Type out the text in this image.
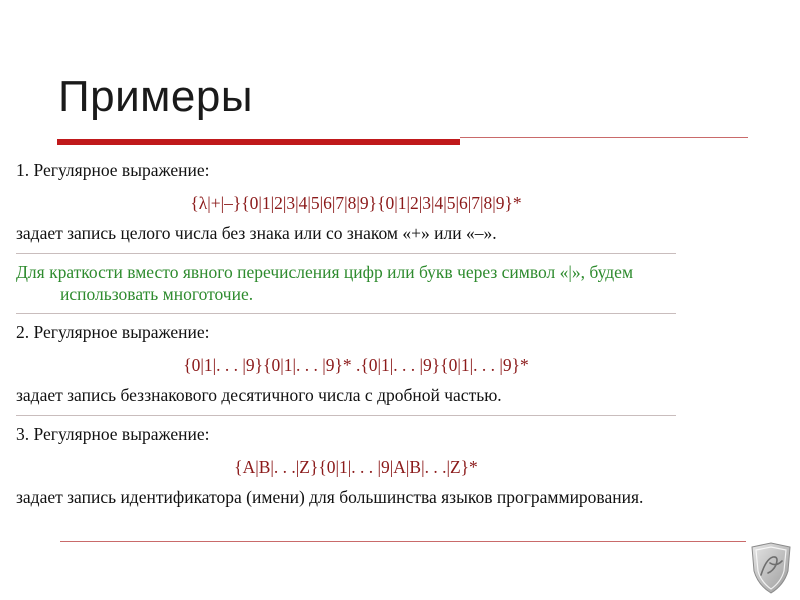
Примеры

1. Регулярное выражение:

{λ|+|–}{0|1|2|3|4|5|6|7|8|9}{0|1|2|3|4|5|6|7|8|9}*

задает запись целого числа без знака или со знаком «+» или «–».

Для краткости вместо явного перечисления цифр или букв через символ «|», будем использовать многоточие.

2. Регулярное выражение:

{0|1|. . . |9}{0|1|. . . |9}* .{0|1|. . . |9}{0|1|. . . |9}*

задает запись беззнакового десятичного числа с дробной частью.

3. Регулярное выражение:

{A|B|. . .|Z}{0|1|. . . |9|A|B|. . .|Z}*

задает запись идентификатора (имени) для большинства языков программирования.
